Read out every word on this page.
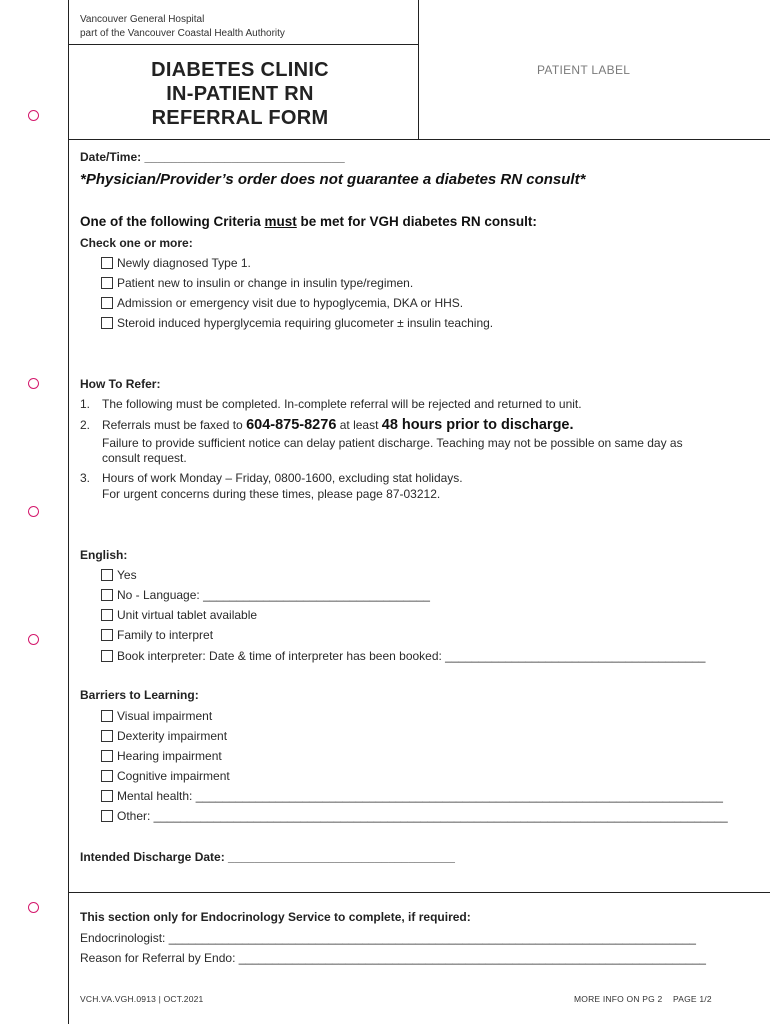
Vancouver General Hospital
part of the Vancouver Coastal Health Authority
DIABETES CLINIC
IN-PATIENT RN
REFERRAL FORM
PATIENT LABEL
Date/Time: ______________________________
*Physician/Provider’s order does not guarantee a diabetes RN consult*
One of the following Criteria must be met for VGH diabetes RN consult:
Check one or more:
Newly diagnosed Type 1.
Patient new to insulin or change in insulin type/regimen.
Admission or emergency visit due to hypoglycemia, DKA or HHS.
Steroid induced hyperglycemia requiring glucometer ± insulin teaching.
How To Refer:
1. The following must be completed. In-complete referral will be rejected and returned to unit.
2. Referrals must be faxed to 604-875-8276 at least 48 hours prior to discharge.
Failure to provide sufficient notice can delay patient discharge. Teaching may not be possible on same day as
consult request.
3. Hours of work Monday – Friday, 0800-1600, excluding stat holidays.
For urgent concerns during these times, please page 87-03212.
English:
Yes
No - Language: __________________________________
Unit virtual tablet available
Family to interpret
Book interpreter: Date & time of interpreter has been booked: _______________________________________
Barriers to Learning:
Visual impairment
Dexterity impairment
Hearing impairment
Cognitive impairment
Mental health: _______________________________________________________________________________
Other: ______________________________________________________________________________________
Intended Discharge Date: __________________________________
This section only for Endocrinology Service to complete, if required:
Endocrinologist: _______________________________________________________________________________
Reason for Referral by Endo: ______________________________________________________________________
VCH.VA.VGH.0913 | OCT.2021	MORE INFO ON PG 2 PAGE 1/2
